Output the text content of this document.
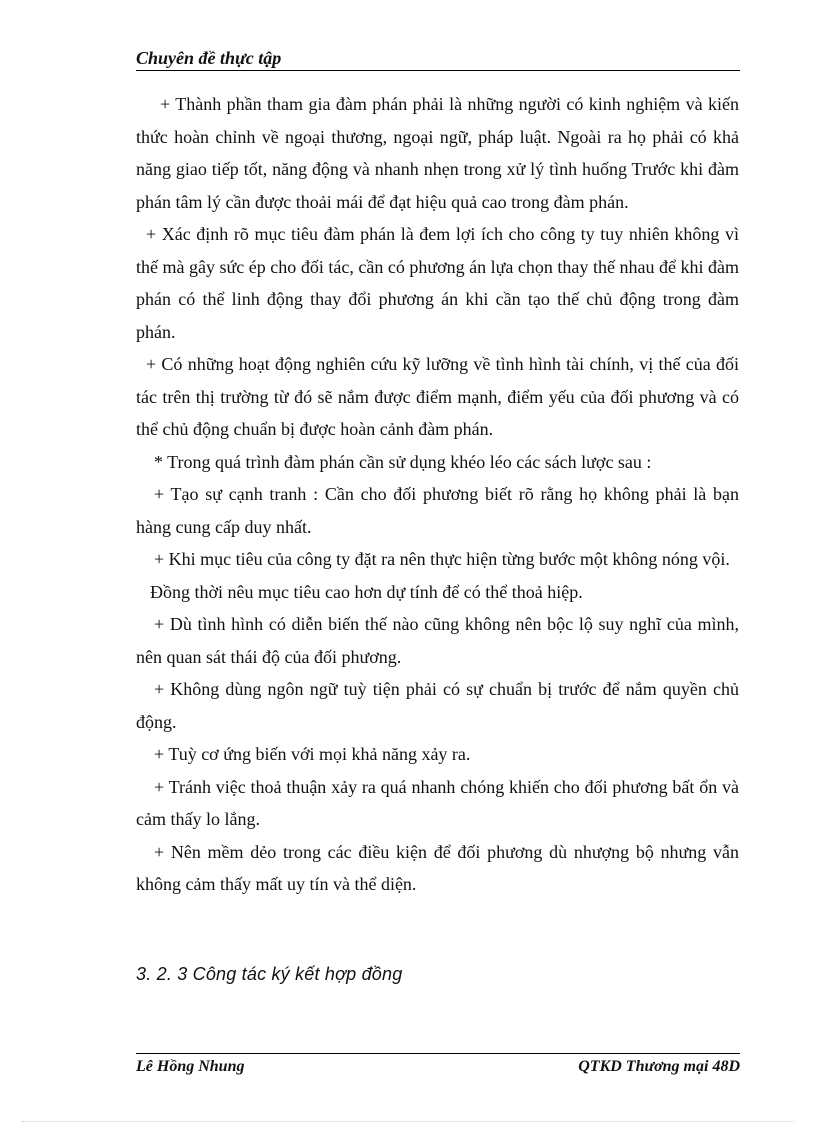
Chuyên đề thực tập

+ Thành phần tham gia đàm phán phải là những người có kinh nghiệm và kiến thức hoàn chỉnh về ngoại thương, ngoại ngữ, pháp luật. Ngoài ra họ phải có khả năng giao tiếp tốt, năng động và nhanh nhẹn trong xử lý tình huống Trước khi đàm phán tâm lý cần được thoải mái để đạt hiệu quả cao trong đàm phán.

+ Xác định rõ mục tiêu đàm phán là đem lợi ích cho công ty tuy nhiên không vì thế mà gây sức ép cho đối tác, cần có phương án lựa chọn thay thế nhau để khi đàm phán có thể linh động thay đổi phương án khi cần tạo thế chủ động trong đàm phán.

+ Có những hoạt động nghiên cứu kỹ lưỡng về tình hình tài chính, vị thế của đối tác trên thị trường từ đó sẽ nắm được điểm mạnh, điểm yếu của đối phương và có thể chủ động chuẩn bị được hoàn cảnh đàm phán.

* Trong quá trình đàm phán cần sử dụng khéo léo các sách lược sau :

+ Tạo sự cạnh tranh : Cần cho đối phương biết rõ rằng họ không phải là bạn hàng cung cấp duy nhất.

+ Khi mục tiêu của công ty đặt ra nên thực hiện từng bước một không nóng vội.

Đồng thời nêu mục tiêu cao hơn dự tính để có thể thoả hiệp.

+ Dù tình hình có diễn biến thế nào cũng không nên bộc lộ suy nghĩ của mình, nên quan sát thái độ của đối phương.

+ Không dùng ngôn ngữ tuỳ tiện phải có sự chuẩn bị trước để nắm quyền chủ động.

+ Tuỳ cơ ứng biến với mọi khả năng xảy ra.

+ Tránh việc thoả thuận xảy ra quá nhanh chóng khiến cho đối phương bất ổn và cảm thấy lo lắng.

+ Nên mềm dẻo trong các điều kiện để đối phương dù nhượng bộ nhưng vẫn không cảm thấy mất uy tín và thể diện.

3. 2. 3 Công tác ký kết hợp đồng
Lê Hồng Nhung	QTKD Thương mại 48D
